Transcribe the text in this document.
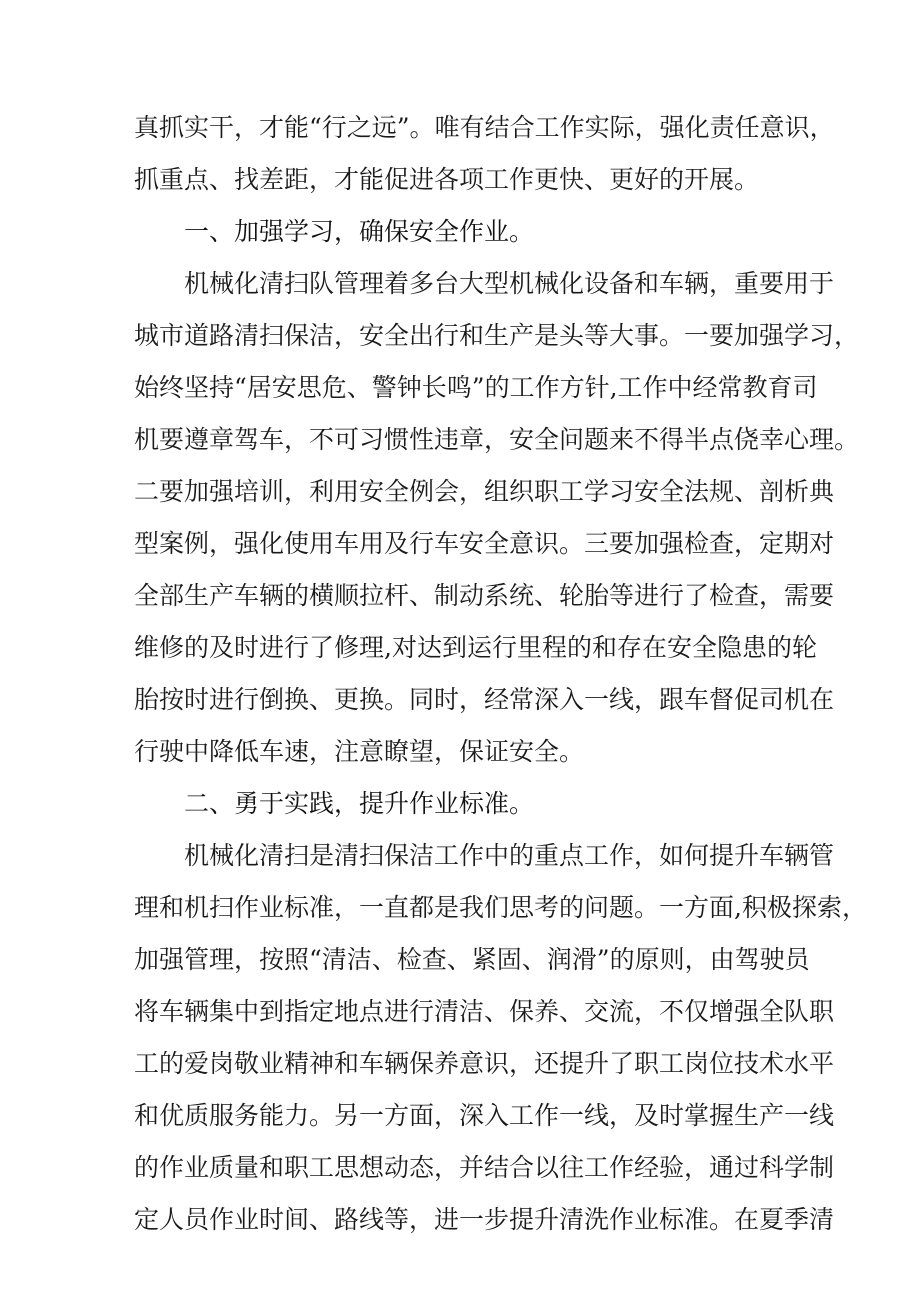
真抓实干，才能“行之远”。唯有结合工作实际，强化责任意识，
抓重点、找差距，才能促进各项工作更快、更好的开展。
一、加强学习，确保安全作业。
机械化清扫队管理着多台大型机械化设备和车辆，重要用于
城市道路清扫保洁，安全出行和生产是头等大事。一要加强学习，
始终坚持“居安思危、警钟长鸣”的工作方针,工作中经常教育司
机要遵章驾车，不可习惯性违章，安全问题来不得半点侥幸心理。
二要加强培训，利用安全例会，组织职工学习安全法规、剖析典
型案例，强化使用车用及行车安全意识。三要加强检查，定期对
全部生产车辆的横顺拉杆、制动系统、轮胎等进行了检查，需要
维修的及时进行了修理,对达到运行里程的和存在安全隐患的轮
胎按时进行倒换、更换。同时，经常深入一线，跟车督促司机在
行驶中降低车速，注意瞭望，保证安全。
二、勇于实践，提升作业标准。
机械化清扫是清扫保洁工作中的重点工作，如何提升车辆管
理和机扫作业标准，一直都是我们思考的问题。一方面,积极探索，
加强管理，按照“清洁、检查、紧固、润滑”的原则，由驾驶员
将车辆集中到指定地点进行清洁、保养、交流，不仅增强全队职
工的爱岗敬业精神和车辆保养意识，还提升了职工岗位技术水平
和优质服务能力。另一方面，深入工作一线，及时掌握生产一线
的作业质量和职工思想动态，并结合以往工作经验，通过科学制
定人员作业时间、路线等，进一步提升清洗作业标准。在夏季清
